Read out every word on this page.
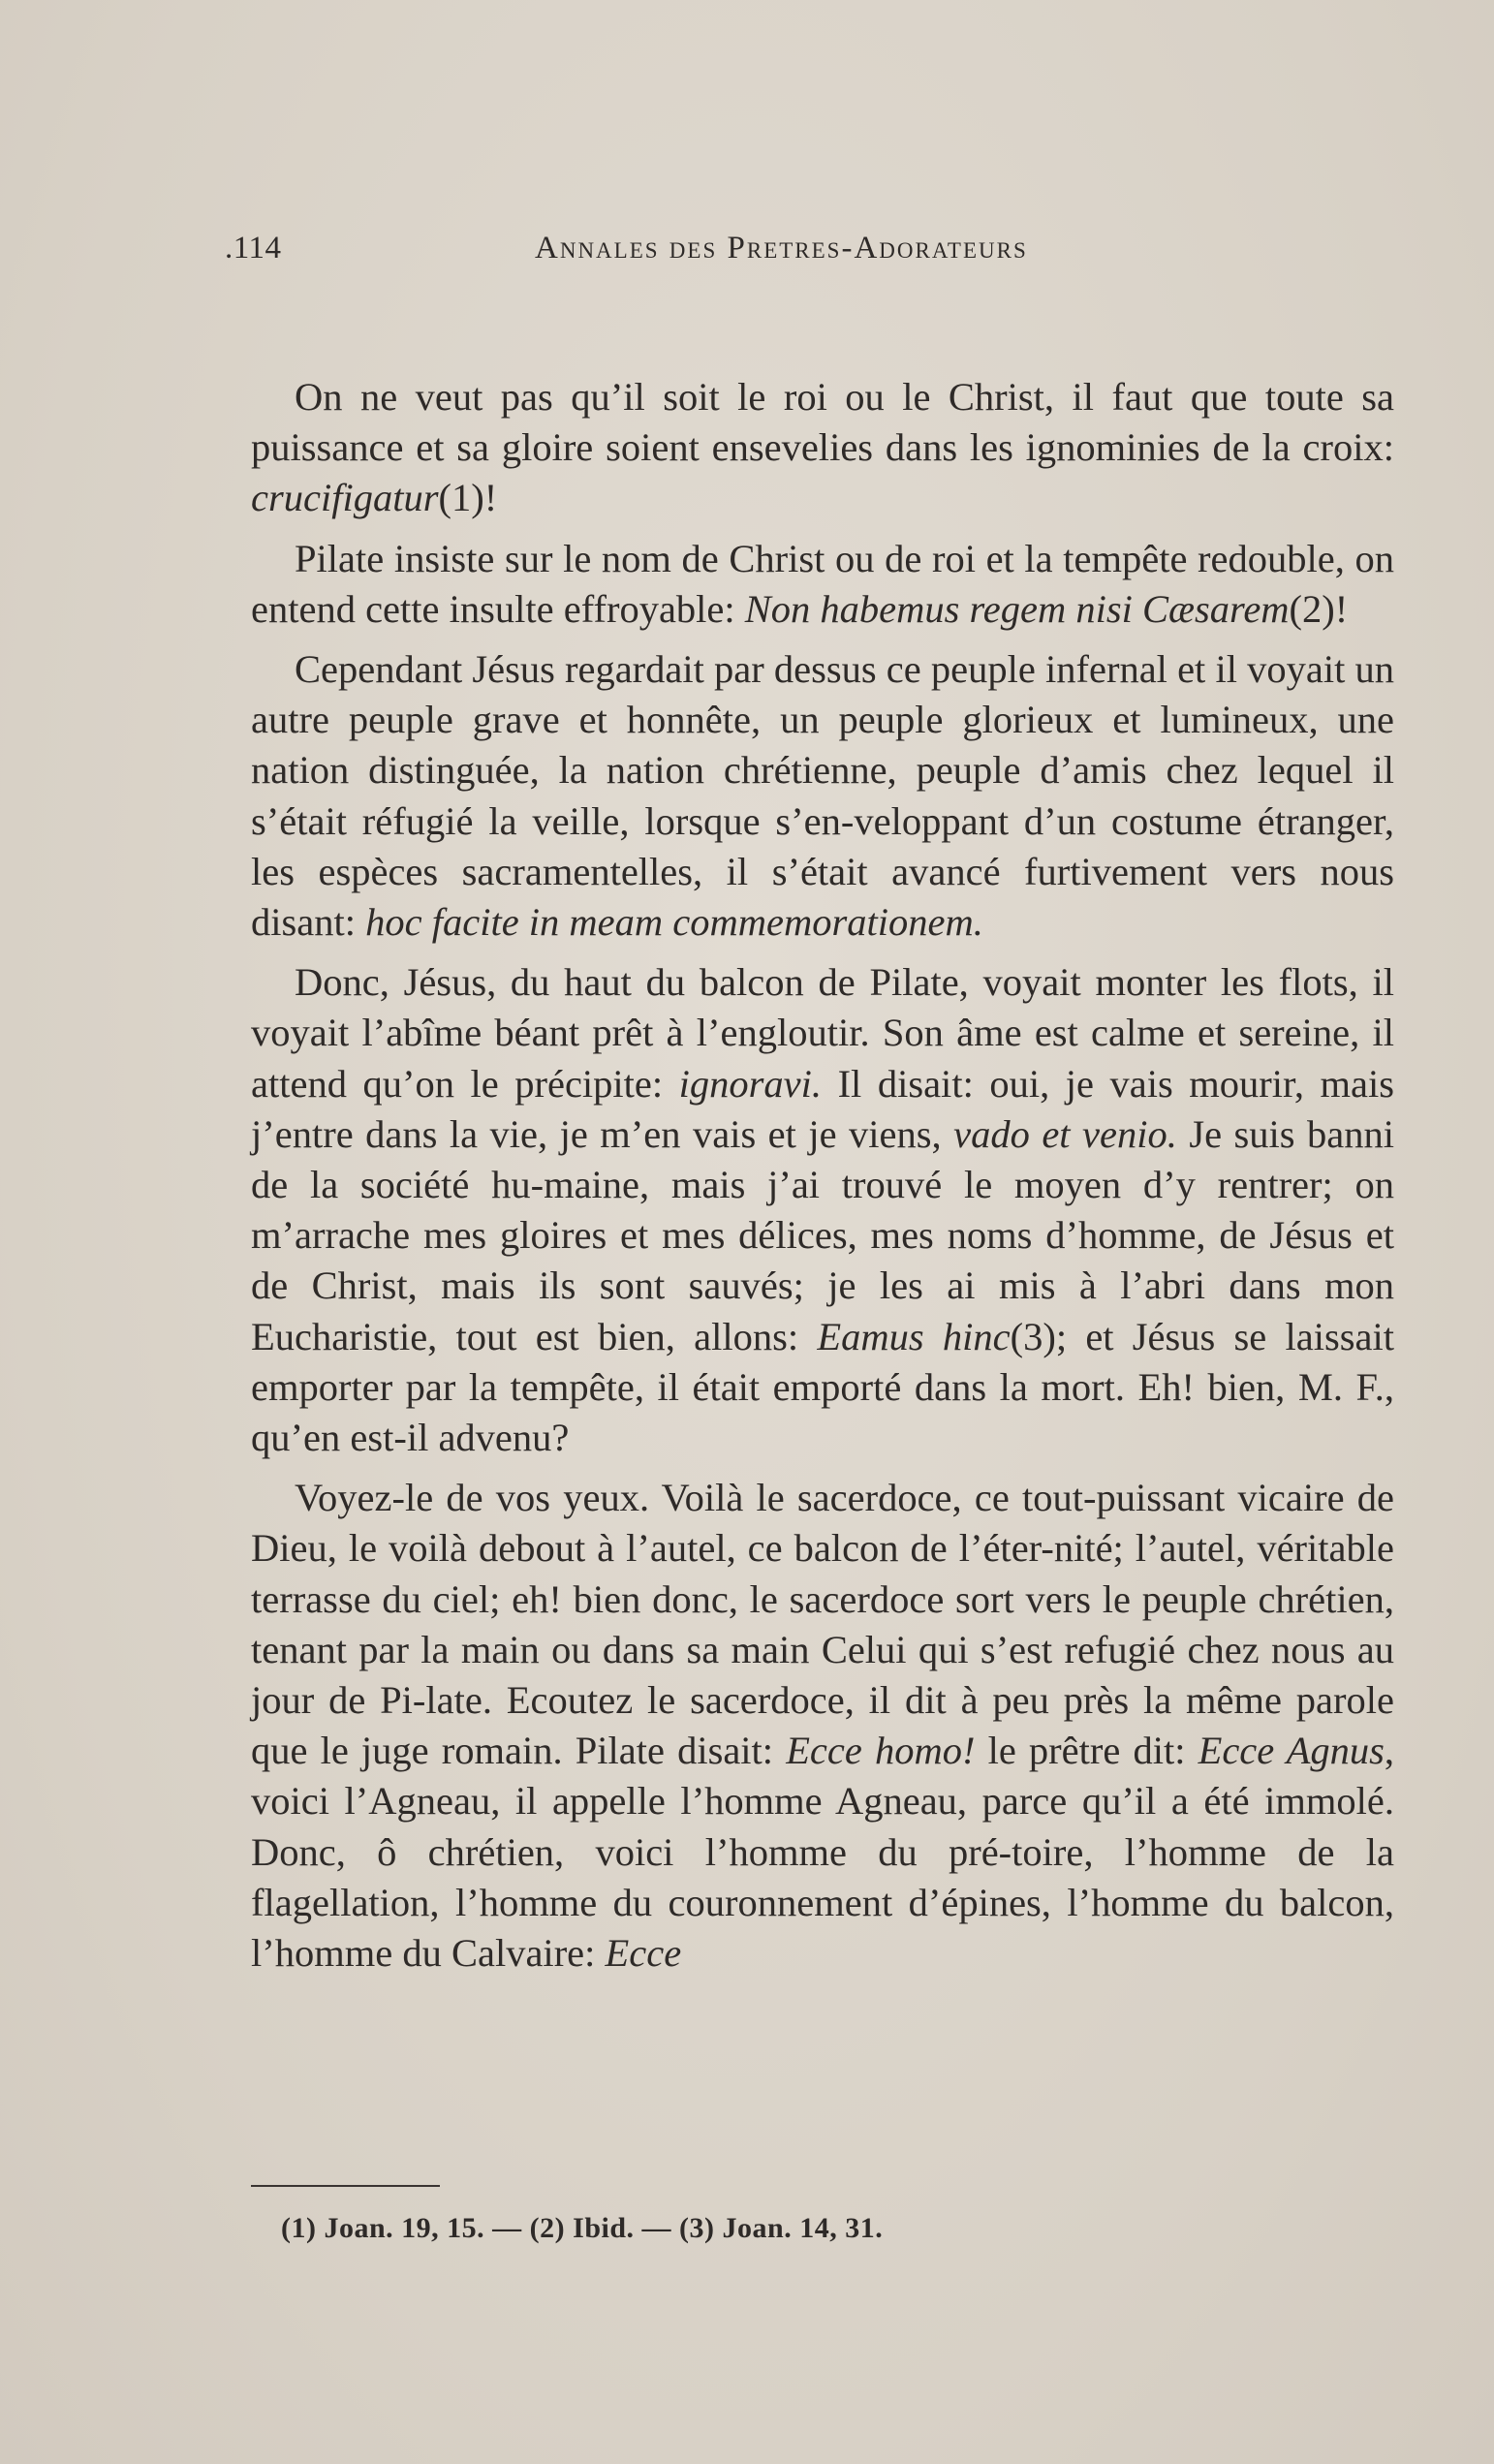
.114	Annales des Pretres-Adorateurs

On ne veut pas qu’il soit le roi ou le Christ, il faut que toute sa puissance et sa gloire soient ensevelies dans les ignominies de la croix: crucifigatur(1)!

Pilate insiste sur le nom de Christ ou de roi et la tempête redouble, on entend cette insulte effroyable: Non habemus regem nisi Cæsarem(2)!

Cependant Jésus regardait par dessus ce peuple infernal et il voyait un autre peuple grave et honnête, un peuple glorieux et lumineux, une nation distinguée, la nation chrétienne, peuple d’amis chez lequel il s’était réfugié la veille, lorsque s’en-veloppant d’un costume étranger, les espèces sacramentelles, il s’était avancé furtivement vers nous disant: hoc facite in meam commemorationem.

Donc, Jésus, du haut du balcon de Pilate, voyait monter les flots, il voyait l’abîme béant prêt à l’engloutir. Son âme est calme et sereine, il attend qu’on le précipite: ignoravi. Il disait: oui, je vais mourir, mais j’entre dans la vie, je m’en vais et je viens, vado et venio. Je suis banni de la société hu-maine, mais j’ai trouvé le moyen d’y rentrer; on m’arrache mes gloires et mes délices, mes noms d’homme, de Jésus et de Christ, mais ils sont sauvés; je les ai mis à l’abri dans mon Eucharistie, tout est bien, allons: Eamus hinc(3); et Jésus se laissait emporter par la tempête, il était emporté dans la mort. Eh! bien, M. F., qu’en est-il advenu?

Voyez-le de vos yeux. Voilà le sacerdoce, ce tout-puissant vicaire de Dieu, le voilà debout à l’autel, ce balcon de l’éter-nité; l’autel, véritable terrasse du ciel; eh! bien donc, le sacerdoce sort vers le peuple chrétien, tenant par la main ou dans sa main Celui qui s’est refugié chez nous au jour de Pi-late. Ecoutez le sacerdoce, il dit à peu près la même parole que le juge romain. Pilate disait: Ecce homo! le prêtre dit: Ecce Agnus, voici l’Agneau, il appelle l’homme Agneau, parce qu’il a été immolé. Donc, ô chrétien, voici l’homme du pré-toire, l’homme de la flagellation, l’homme du couronnement d’épines, l’homme du balcon, l’homme du Calvaire: Ecce

(1) Joan. 19, 15. — (2) Ibid. — (3) Joan. 14, 31.
